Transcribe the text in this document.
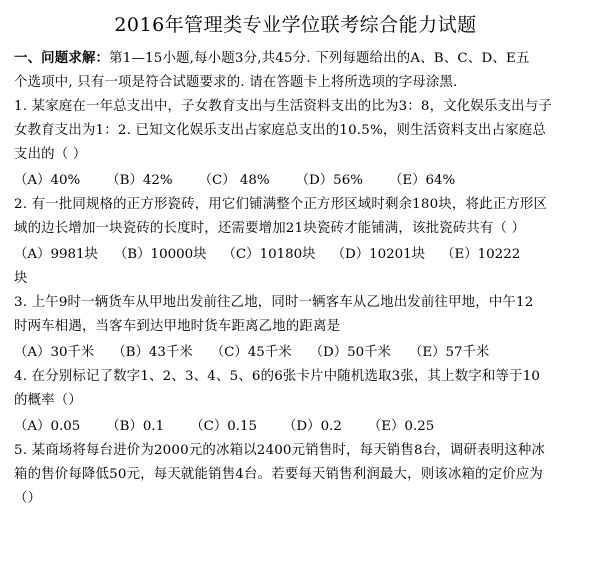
2016年管理类专业学位联考综合能力试题

一、问题求解：第1—15小题,每小题3分,共45分. 下列每题给出的A、B、C、D、E五

个选项中, 只有一项是符合试题要求的. 请在答题卡上将所选项的字母涂黑.

1. 某家庭在一年总支出中，子女教育支出与生活资料支出的比为3：8，文化娱乐支出与子

女教育支出为1：2. 已知文化娱乐支出占家庭总支出的10.5%，则生活资料支出占家庭总

支出的（ ）

（A）40% （B）42% （C） 48% （D）56% （E）64%

2. 有一批同规格的正方形瓷砖，用它们铺满整个正方形区域时剩余180块，将此正方形区

域的边长增加一块瓷砖的长度时，还需要增加21块瓷砖才能铺满，该批瓷砖共有（ ）

（A）9981块 （B）10000块 （C）10180块 （D）10201块 （E）10222

块

3. 上午9时一辆货车从甲地出发前往乙地，同时一辆客车从乙地出发前往甲地，中午12

时两车相遇，当客车到达甲地时货车距离乙地的距离是

（A）30千米 （B）43千米 （C）45千米 （D）50千米 （E）57千米

4. 在分别标记了数字1、2、3、4、5、6的6张卡片中随机选取3张，其上数字和等于10

的概率（）

（A）0.05 （B）0.1 （C）0.15 （D）0.2 （E）0.25

5. 某商场将每台进价为2000元的冰箱以2400元销售时，每天销售8台，调研表明这种冰

箱的售价每降低50元，每天就能销售4台。若要每天销售利润最大，则该冰箱的定价应为

（）
